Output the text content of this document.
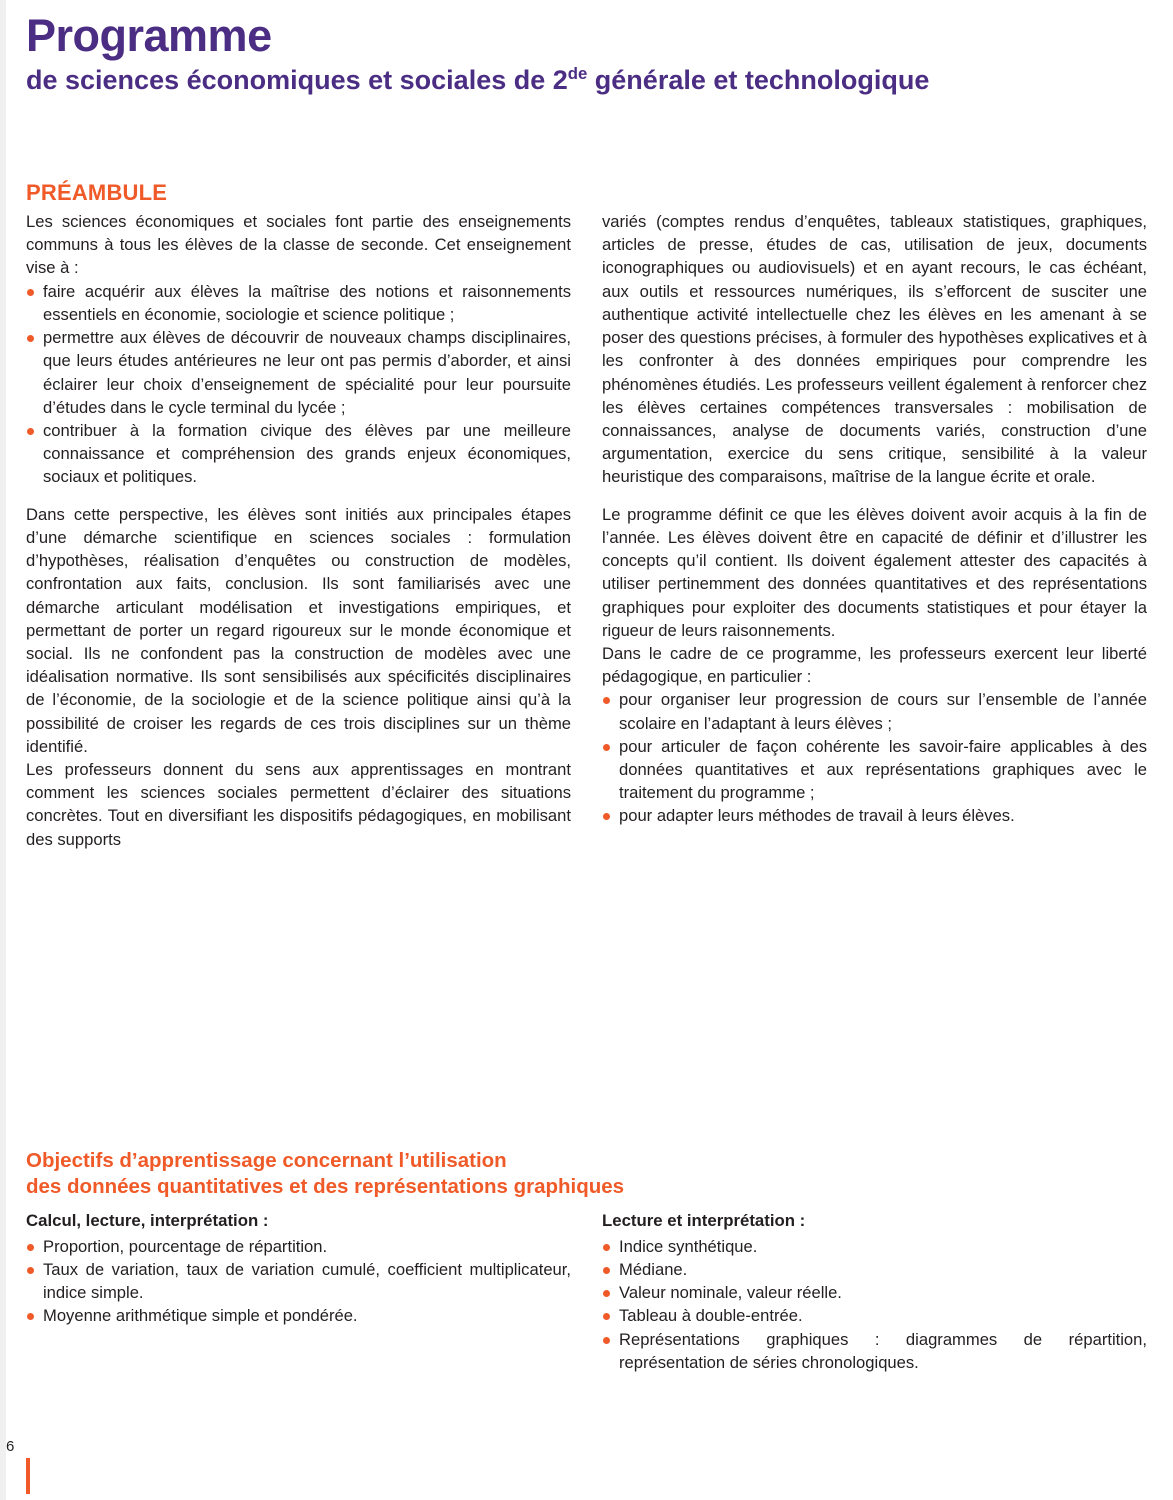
Programme
de sciences économiques et sociales de 2de générale et technologique
PRÉAMBULE

Les sciences économiques et sociales font partie des enseignements communs à tous les élèves de la classe de seconde. Cet enseignement vise à :

faire acquérir aux élèves la maîtrise des notions et raisonnements essentiels en économie, sociologie et science politique ;
permettre aux élèves de découvrir de nouveaux champs disciplinaires, que leurs études antérieures ne leur ont pas permis d’aborder, et ainsi éclairer leur choix d’enseignement de spécialité pour leur poursuite d’études dans le cycle terminal du lycée ;
contribuer à la formation civique des élèves par une meilleure connaissance et compréhension des grands enjeux économiques, sociaux et politiques.

Dans cette perspective, les élèves sont initiés aux principales étapes d’une démarche scientifique en sciences sociales : formulation d’hypothèses, réalisation d’enquêtes ou construction de modèles, confrontation aux faits, conclusion. Ils sont familiarisés avec une démarche articulant modélisation et investigations empiriques, et permettant de porter un regard rigoureux sur le monde économique et social. Ils ne confondent pas la construction de modèles avec une idéalisation normative. Ils sont sensibilisés aux spécificités disciplinaires de l’économie, de la sociologie et de la science politique ainsi qu’à la possibilité de croiser les regards de ces trois disciplines sur un thème identifié.

Les professeurs donnent du sens aux apprentissages en montrant comment les sciences sociales permettent d’éclairer des situations concrètes. Tout en diversifiant les dispositifs pédagogiques, en mobilisant des supports

variés (comptes rendus d’enquêtes, tableaux statistiques, graphiques, articles de presse, études de cas, utilisation de jeux, documents iconographiques ou audiovisuels) et en ayant recours, le cas échéant, aux outils et ressources numériques, ils s’efforcent de susciter une authentique activité intellectuelle chez les élèves en les amenant à se poser des questions précises, à formuler des hypothèses explicatives et à les confronter à des données empiriques pour comprendre les phénomènes étudiés. Les professeurs veillent également à renforcer chez les élèves certaines compétences transversales : mobilisation de connaissances, analyse de documents variés, construction d’une argumentation, exercice du sens critique, sensibilité à la valeur heuristique des comparaisons, maîtrise de la langue écrite et orale.

Le programme définit ce que les élèves doivent avoir acquis à la fin de l’année. Les élèves doivent être en capacité de définir et d’illustrer les concepts qu’il contient. Ils doivent également attester des capacités à utiliser pertinemment des données quantitatives et des représentations graphiques pour exploiter des documents statistiques et pour étayer la rigueur de leurs raisonnements.

Dans le cadre de ce programme, les professeurs exercent leur liberté pédagogique, en particulier :

pour organiser leur progression de cours sur l’ensemble de l’année scolaire en l’adaptant à leurs élèves ;
pour articuler de façon cohérente les savoir-faire applicables à des données quantitatives et aux représentations graphiques avec le traitement du programme ;
pour adapter leurs méthodes de travail à leurs élèves.
Objectifs d’apprentissage concernant l’utilisation
des données quantitatives et des représentations graphiques
Calcul, lecture, interprétation :
Proportion, pourcentage de répartition.
Taux de variation, taux de variation cumulé, coefficient multiplicateur, indice simple.
Moyenne arithmétique simple et pondérée.
Lecture et interprétation :
Indice synthétique.
Médiane.
Valeur nominale, valeur réelle.
Tableau à double-entrée.
Représentations graphiques : diagrammes de répartition, représentation de séries chronologiques.
6
